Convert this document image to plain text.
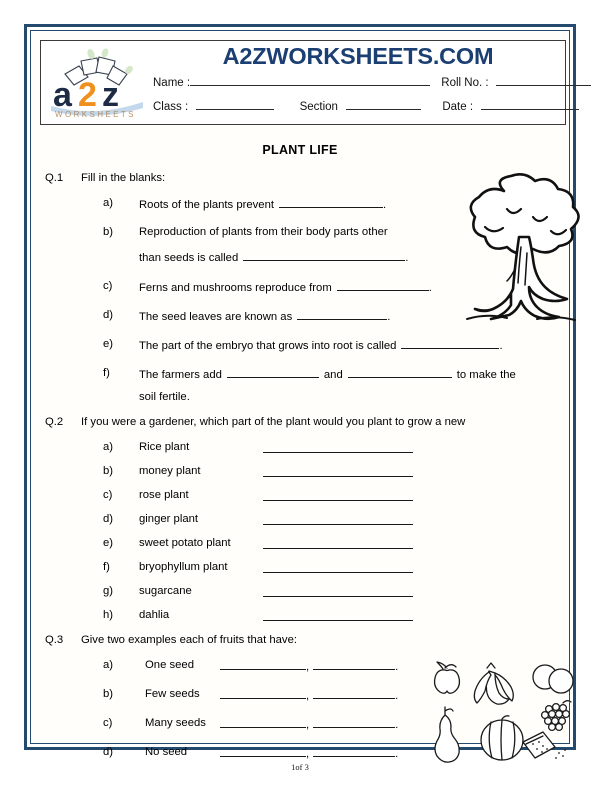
a 2 z
WORKSHEETS
A2ZWORKSHEETS.COM
Name :	Roll No. :
Class :	Section	Date :
PLANT LIFE
Q.1 Fill in the blanks:
a) Roots of the plants prevent	.
b) Reproduction of plants from their body parts other
than seeds is called	.
c) Ferns and mushrooms reproduce from	.
d) The seed leaves are known as	.
e) The part of the embryo that grows into root is called	.
f)	The farmers add	and	to make the
soil fertile.
Q.2 If you were a gardener, which part of the plant would you plant to grow a new
a) Rice plant
b) money plant
c) rose plant
d) ginger plant
e) sweet potato plant
f)	bryophyllum plant
g) sugarcane
h) dahlia
Q.3 Give two examples each of fruits that have:
a)	One seed	,	.
b)	Few seeds	,	.
c)	Many seeds	,	.
d)	No seed	,	.
1of 3
